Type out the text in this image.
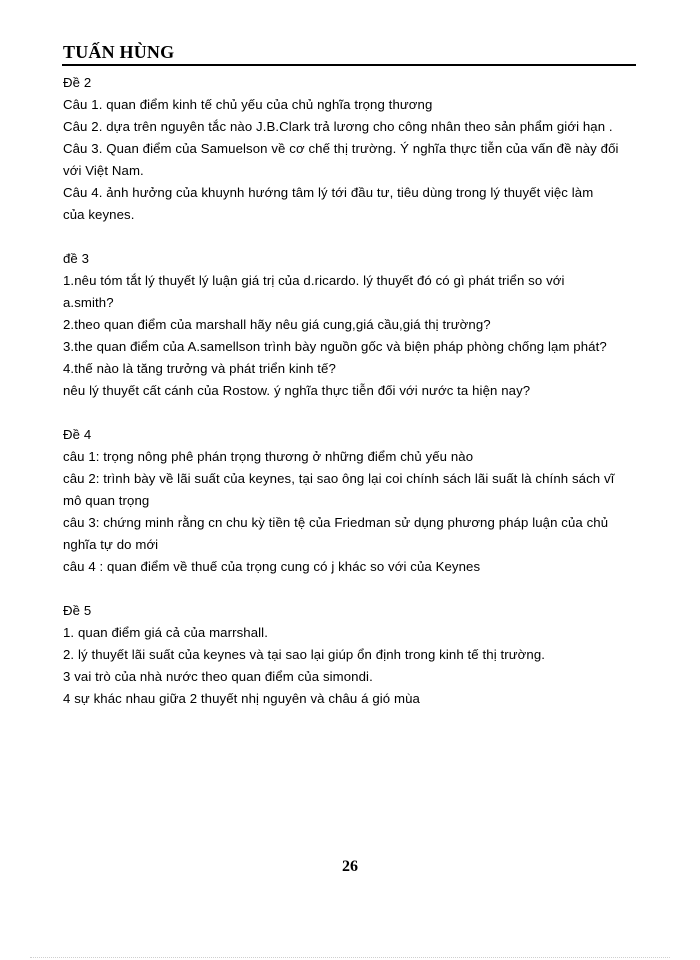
TUẤN HÙNG
Đề 2
Câu 1. quan điểm kinh tế chủ yếu của chủ nghĩa trọng thương
Câu 2. dựa trên nguyên tắc nào J.B.Clark trả lương cho công nhân theo sản phẩm giới hạn .
Câu 3. Quan điểm của Samuelson về cơ chế thị trường. Ý nghĩa thực tiễn của vấn đề này đối
với Việt Nam.
Câu 4. ảnh hưởng của khuynh hướng tâm lý tới đầu tư, tiêu dùng trong lý thuyết việc làm
của keynes.
đề 3
1.nêu tóm tắt lý thuyết lý luận giá trị của d.ricardo. lý thuyết đó có gì phát triển so với
a.smith?
2.theo quan điểm của marshall hãy nêu giá cung,giá cầu,giá thị trường?
3.the quan điểm của A.samellson trình bày nguồn gốc và biện pháp phòng chống lạm phát?
4.thế nào là tăng trưởng và phát triển kinh tế?
nêu lý thuyết cất cánh của Rostow. ý nghĩa thực tiễn đối với nước ta hiện nay?
Đề 4
câu 1: trọng nông phê phán trọng thương ở những điểm chủ yếu nào
câu 2: trình bày về lãi suất của keynes, tại sao ông lại coi chính sách lãi suất là chính sách vĩ
mô quan trọng
câu 3: chứng minh rằng cn chu kỳ tiền tệ của Friedman sử dụng phương pháp luận của chủ
nghĩa tự do mới
câu 4 : quan điểm về thuế của trọng cung có j khác so với của Keynes
Đề 5
1. quan điểm giá cả của marrshall.
2. lý thuyết lãi suất của keynes và tại sao lại giúp ổn định trong kinh tế thị trường.
3 vai trò của nhà nước theo quan điểm của simondi.
4 sự khác nhau giữa 2 thuyết nhị nguyên và châu á gió mùa
26
